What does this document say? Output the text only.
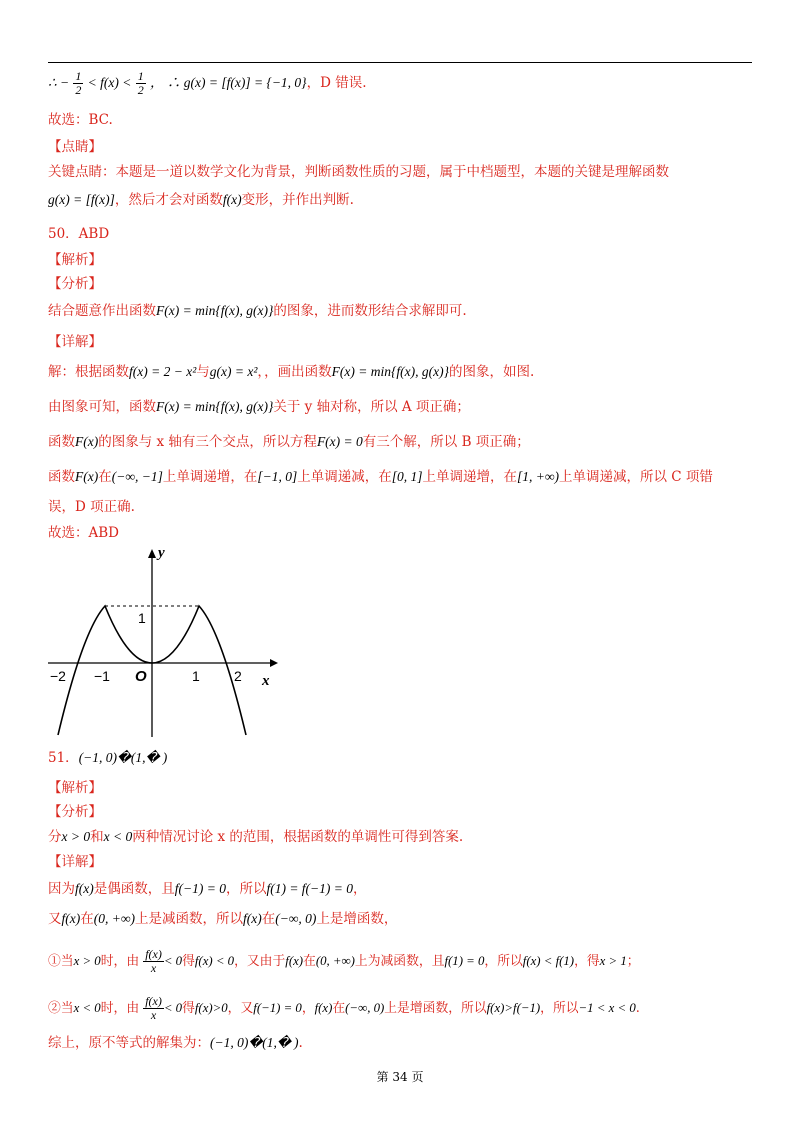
∴ − $\frac{1}{2} < f(x) < \frac{1}{2}$ ， ∴ g(x) = [f(x)] = {−1, 0}，D 错误.
故选：BC.
【点睛】
关键点睛：本题是一道以数学文化为背景，判断函数性质的习题，属于中档题型，本题的关键是理解函数
g(x) = [f(x)]，然后才会对函数f(x)变形，并作出判断.
50．ABD
【解析】
【分析】
结合题意作出函数F(x) = min{f(x), g(x)}的图象，进而数形结合求解即可.
【详解】
解：根据函数f(x) = 2 − x²与g(x) = x²，，画出函数F(x) = min{f(x), g(x)}的图象，如图.
由图象可知，函数F(x) = min{f(x), g(x)}关于 y 轴对称，所以 A 项正确；
函数F(x)的图象与 x 轴有三个交点，所以方程F(x) = 0有三个解，所以 B 项正确；
函数F(x)在(−∞, −1]上单调递增，在[−1, 0]上单调递减，在[0, 1]上单调递增，在[1, +∞)上单调递减，所以 C 项错
误，D 项正确.
故选：ABD
y
x
1
O
−2 −1	1 2
51．(−1, 0)�(1,� )
【解析】
【分析】
分x > 0和x < 0两种情况讨论 x 的范围，根据函数的单调性可得到答案.
【详解】
因为f(x)是偶函数，且f(−1) = 0，所以f(1) = f(−1) = 0，
又f(x)在(0, +∞)上是减函数，所以f(x)在(−∞, 0)上是增函数，
①当x > 0时，由 $\frac{f(x)}{x} < 0$得f(x) < 0，又由于f(x)在(0, +∞)上为减函数，且f(1) = 0，所以f(x) < f(1)，得x > 1；
②当x < 0时，由 $\frac{f(x)}{x} < 0$得f(x)>0，又f(−1) = 0，f(x)在(−∞, 0)上是增函数，所以f(x)>f(−1)，所以−1 < x < 0.
综上，原不等式的解集为：(−1, 0)�(1,� ).
第 34 页
